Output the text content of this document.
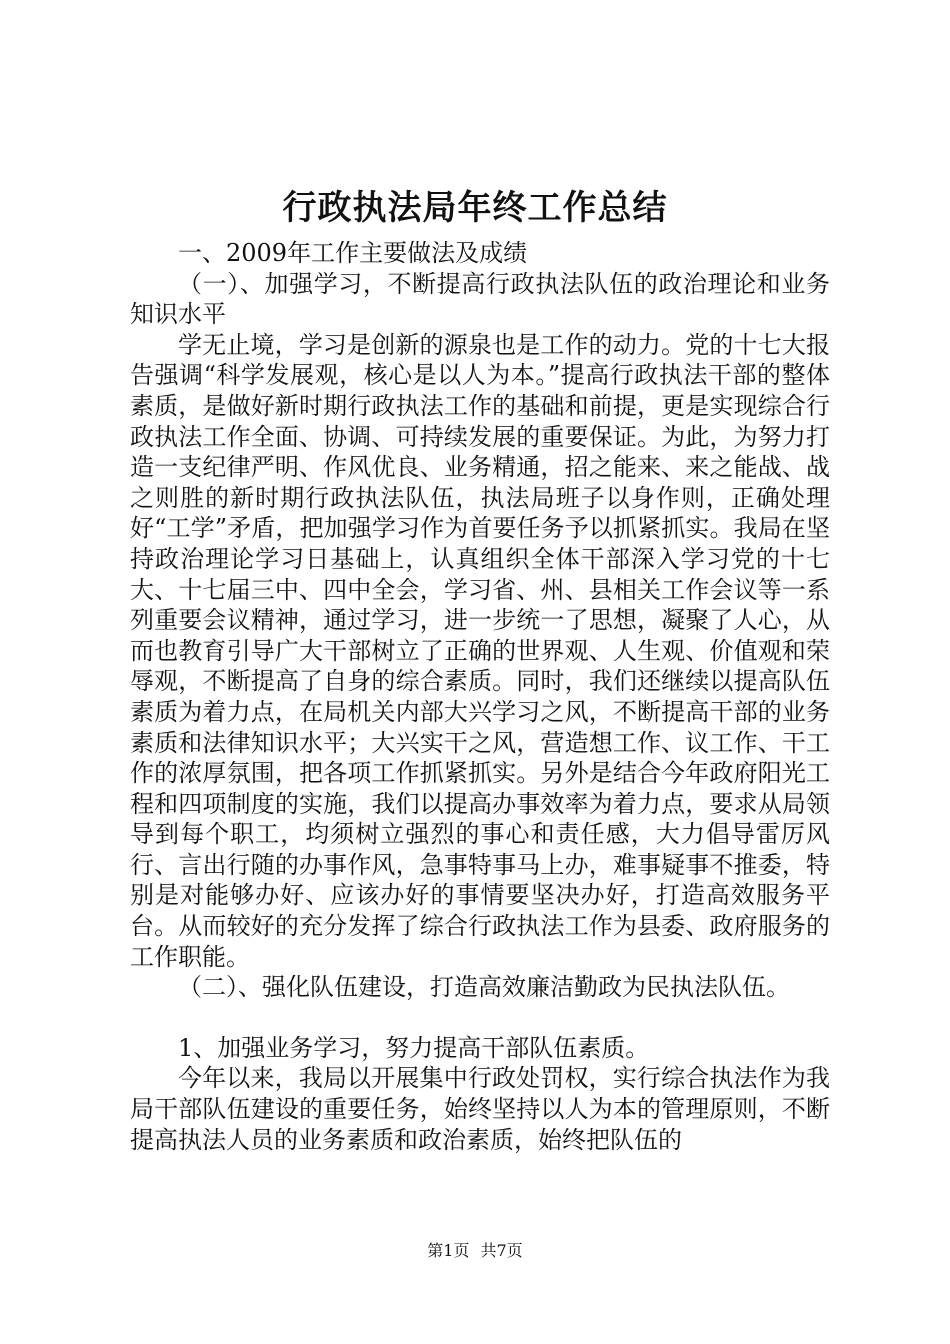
行政执法局年终工作总结

一、2009年工作主要做法及成绩

（一）、加强学习，不断提高行政执法队伍的政治理论和业务知识水平

学无止境，学习是创新的源泉也是工作的动力。党的十七大报告强调“科学发展观，核心是以人为本。”提高行政执法干部的整体素质，是做好新时期行政执法工作的基础和前提，更是实现综合行政执法工作全面、协调、可持续发展的重要保证。为此，为努力打造一支纪律严明、作风优良、业务精通，招之能来、来之能战、战之则胜的新时期行政执法队伍，执法局班子以身作则，正确处理好“工学”矛盾，把加强学习作为首要任务予以抓紧抓实。我局在坚持政治理论学习日基础上，认真组织全体干部深入学习党的十七大、十七届三中、四中全会，学习省、州、县相关工作会议等一系列重要会议精神，通过学习，进一步统一了思想，凝聚了人心，从而也教育引导广大干部树立了正确的世界观、人生观、价值观和荣辱观，不断提高了自身的综合素质。同时，我们还继续以提高队伍素质为着力点，在局机关内部大兴学习之风，不断提高干部的业务素质和法律知识水平；大兴实干之风，营造想工作、议工作、干工作的浓厚氛围，把各项工作抓紧抓实。另外是结合今年政府阳光工程和四项制度的实施，我们以提高办事效率为着力点，要求从局领导到每个职工，均须树立强烈的事心和责任感，大力倡导雷厉风行、言出行随的办事作风，急事特事马上办，难事疑事不推委，特别是对能够办好、应该办好的事情要坚决办好，打造高效服务平台。从而较好的充分发挥了综合行政执法工作为县委、政府服务的工作职能。

（二）、强化队伍建设，打造高效廉洁勤政为民执法队伍。

1、加强业务学习，努力提高干部队伍素质。

今年以来，我局以开展集中行政处罚权，实行综合执法作为我局干部队伍建设的重要任务，始终坚持以人为本的管理原则，不断提高执法人员的业务素质和政治素质，始终把队伍的

第1页 共7页
